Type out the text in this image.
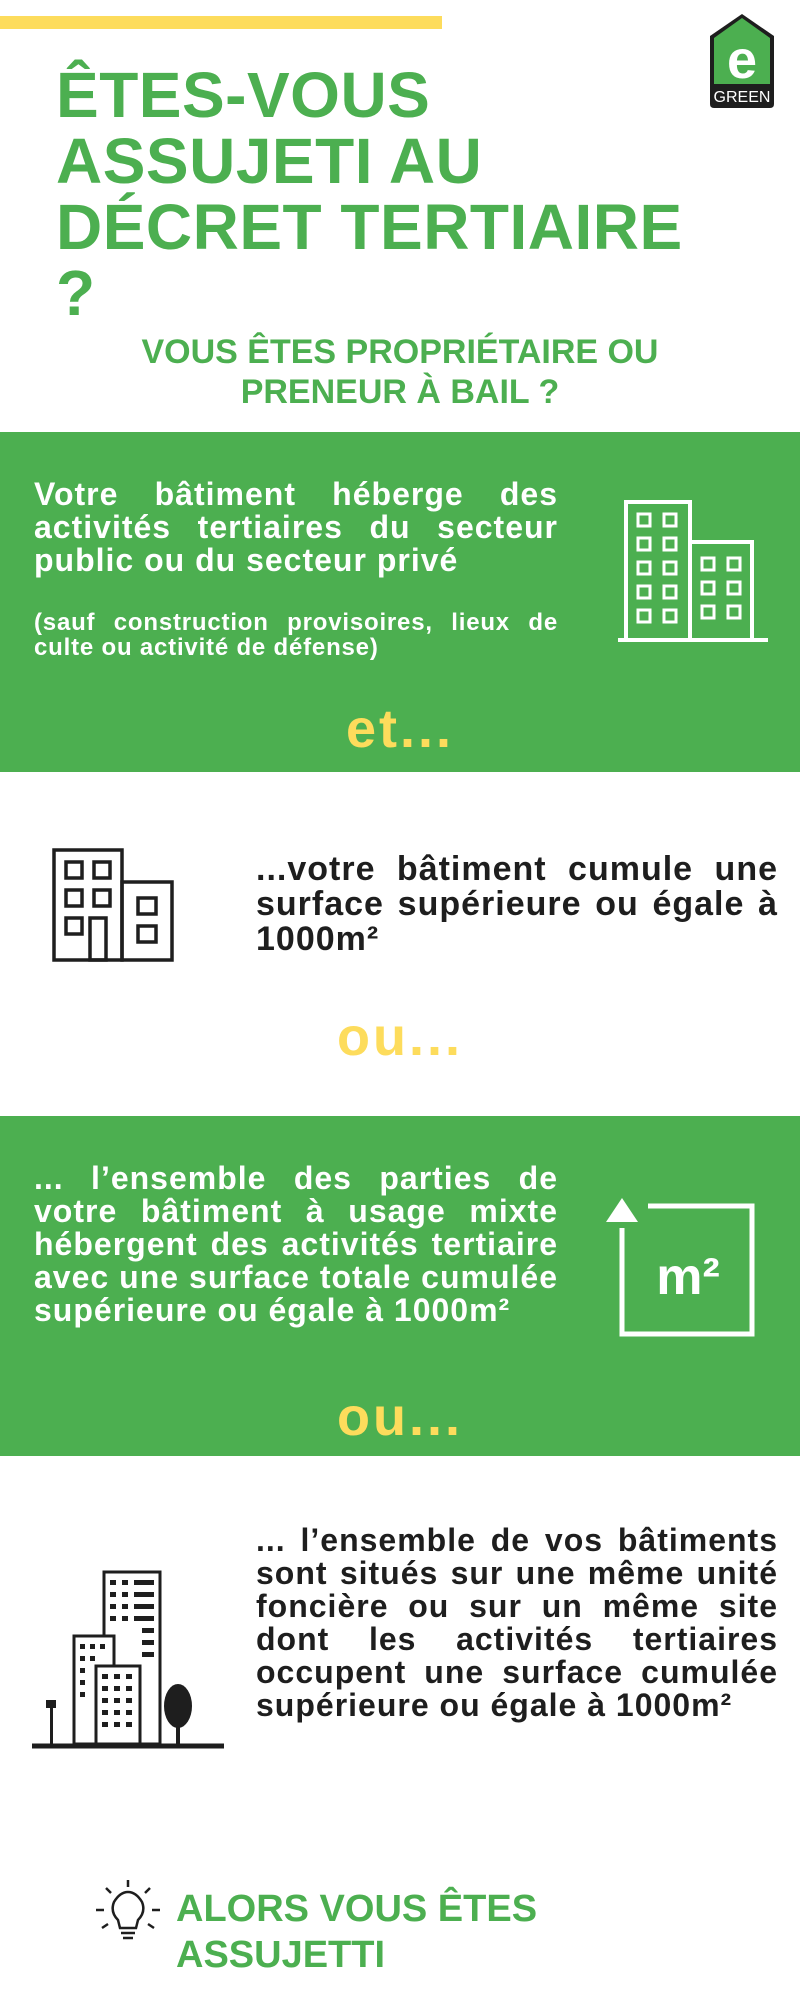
e
GREEN
ÊTES-VOUS
ASSUJETI AU
DÉCRET TERTIAIRE ?
VOUS ÊTES PROPRIÉTAIRE OU
PRENEUR À BAIL ?
Votre bâtiment héberge des activités tertiaires du secteur public ou du secteur privé
(sauf construction provisoires, lieux de culte ou activité de défense)
et...
...votre bâtiment cumule une surface supérieure ou égale à 1000m²
ou...
... l’ensemble des parties de votre bâtiment à usage mixte hébergent des activités tertiaire avec une surface totale cumulée supérieure ou égale à 1000m²
m²
ou...
... l’ensemble de vos bâtiments sont situés sur une même unité foncière ou sur un même site dont les activités tertiaires occupent une surface cumulée supérieure ou égale à 1000m²
ALORS VOUS ÊTES ASSUJETTI
